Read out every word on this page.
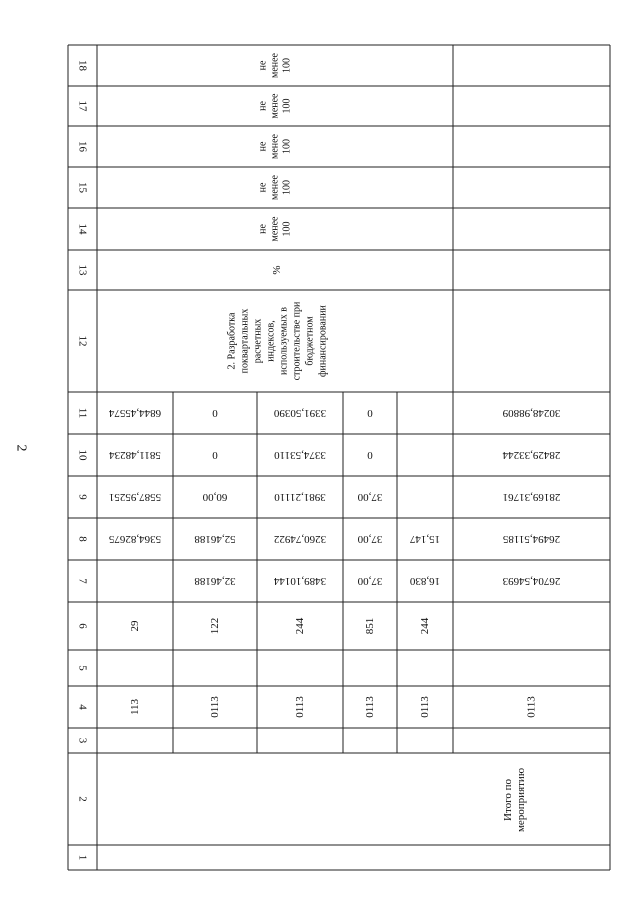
2
1
2
3
4
5
6
7
8
9
10
11
12
13
14
15
16
17
18
113
29
5364,82675
5587,95251
5811,48234
6844,45574
0113
122
32,46188
52,46188
60,00
0
0
0113
244
3489,10144
3260,74922
3981,21110
3374,53110
3391,50390
0113
851
37,00
37,00
37,00
0
0
0113
244
16,830
15,147
0113
26704,54693
26494,51185
28169,31761
28429,33244
30248,98809
Итого по мероприятию
2. Разработка поквартальных расчетных индексов, используемых в строительстве при бюджетном финансировании
%
не менее 100
не менее 100
не менее 100
не менее 100
не менее 100
